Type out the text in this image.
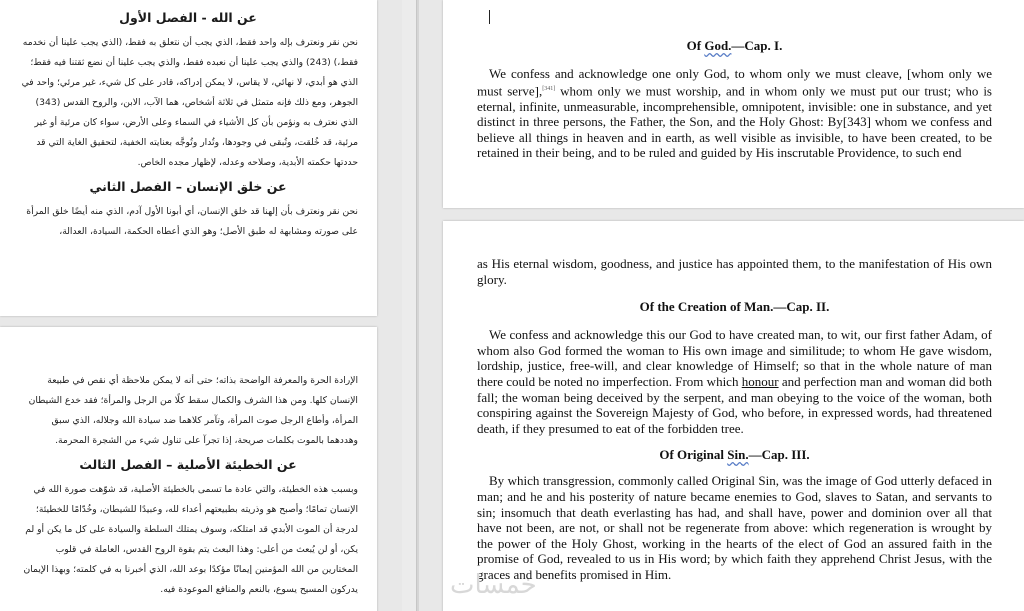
عن الله - الفصل الأول

نحن نقر ونعترف بإله واحد فقط، الذي يجب أن نتعلق به فقط، (الذي يجب علينا أن نخدمه فقط،) (243) والذي يجب علينا أن نعبده فقط، والذي يجب علينا أن نضع ثقتنا فيه فقط؛ الذي هو أبدي، لا نهائي، لا يقاس، لا يمكن إدراكه، قادر على كل شيء، غير مرئي؛ واحد في الجوهر، ومع ذلك فإنه متمثل في ثلاثة أشخاص، هما الآب، الابن، والروح القدس (343) الذي نعترف به ونؤمن بأن كل الأشياء في السماء وعلى الأرض، سواء كان مرئية أو غير مرئية، قد خُلقت، وتُبقى في وجودها، وتُدار وتُوجَّه بعنايته الخفية، لتحقيق الغاية التي قد حددتها حكمته الأبدية، وصلاحه وعدله، لإظهار مجده الخاص.

عن خلق الإنسان – الفصل الثاني

نحن نقر ونعترف بأن إلهنا قد خلق الإنسان، أي أبونا الأول آدم، الذي منه أيضًا خلق المرأة على صورته ومشابهة له طبق الأصل؛ وهو الذي أعطاه الحكمة، السيادة، العدالة،

الإرادة الحرة والمعرفة الواضحة بذاته؛ حتى أنه لا يمكن ملاحظة أي نقص في طبيعة الإنسان كلها. ومن هذا الشرف والكمال سقط كلًا من الرجل والمرأة؛ فقد خدع الشيطان المرأة، وأطاع الرجل صوت المرأة، وتآمر كلاهما ضد سيادة الله وجلاله، الذي سبق وهددهما بالموت بكلمات صريحة، إذا تجرآ على تناول شيء من الشجرة المحرمة.

عن الخطيئة الأصلية – الفصل الثالث

وبسبب هذه الخطيئة، والتي عادة ما تسمى بالخطيئة الأصلية، قد شوّهت صورة الله في الإنسان تمامًا؛ وأصبح هو وذريته بطبيعتهم أعداء لله، وعبيدًا للشيطان، وخُدّامًا للخطيئة؛ لدرجة أن الموت الأبدي قد امتلكه، وسوف يمتلك السلطة والسيادة على كل ما يكن أو لم يكن، أو لن يُبعث من أعلى: وهذا البعث يتم بقوة الروح القدس، العاملة في قلوب المختارين من الله المؤمنين إيمانًا مؤكدًا بوعد الله، الذي أخبرنا به في كلمته؛ وبهذا الإيمان يدركون المسيح يسوع، بالنعم والمنافع الموعودة فيه.

Of God.—Cap. I.

We confess and acknowledge one only God, to whom only we must cleave, [whom only we must serve],[341] whom only we must worship, and in whom only we must put our trust; who is eternal, infinite, unmeasurable, incomprehensible, omnipotent, invisible: one in substance, and yet distinct in three persons, the Father, the Son, and the Holy Ghost: By[343] whom we confess and believe all things in heaven and in earth, as well visible as invisible, to have been created, to be retained in their being, and to be ruled and guided by His inscrutable Providence, to such end

as His eternal wisdom, goodness, and justice has appointed them, to the manifestation of His own glory.

Of the Creation of Man.—Cap. II.

We confess and acknowledge this our God to have created man, to wit, our first father Adam, of whom also God formed the woman to His own image and similitude; to whom He gave wisdom, lordship, justice, free-will, and clear knowledge of Himself; so that in the whole nature of man there could be noted no imperfection. From which honour and perfection man and woman did both fall; the woman being deceived by the serpent, and man obeying to the voice of the woman, both conspiring against the Sovereign Majesty of God, who before, in expressed words, had threatened death, if they presumed to eat of the forbidden tree.

Of Original Sin.—Cap. III.

By which transgression, commonly called Original Sin, was the image of God utterly defaced in man; and he and his posterity of nature became enemies to God, slaves to Satan, and servants to sin; insomuch that death everlasting has had, and shall have, power and dominion over all that have not been, are not, or shall not be regenerate from above: which regeneration is wrought by the power of the Holy Ghost, working in the hearts of the elect of God an assured faith in the promise of God, revealed to us in His word; by which faith they apprehend Christ Jesus, with the graces and benefits promised in Him.

خمسات
